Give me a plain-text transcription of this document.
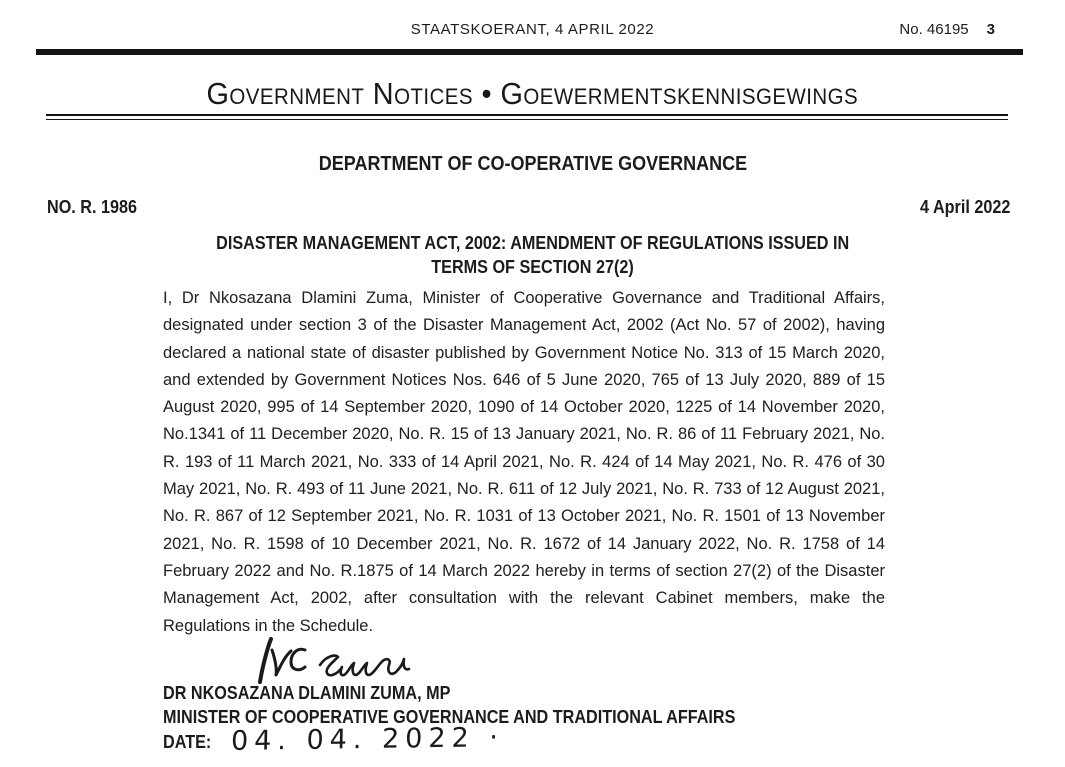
STAATSKOERANT, 4 APRIL 2022	No. 46195 3
Government Notices • Goewermentskennisgewings
DEPARTMENT OF CO-OPERATIVE GOVERNANCE
NO. R. 1986	4 April 2022
DISASTER MANAGEMENT ACT, 2002: AMENDMENT OF REGULATIONS ISSUED IN
TERMS OF SECTION 27(2)

I, Dr Nkosazana Dlamini Zuma, Minister of Cooperative Governance and Traditional Affairs, designated under section 3 of the Disaster Management Act, 2002 (Act No. 57 of 2002), having declared a national state of disaster published by Government Notice No. 313 of 15 March 2020, and extended by Government Notices Nos. 646 of 5 June 2020, 765 of 13 July 2020, 889 of 15 August 2020, 995 of 14 September 2020, 1090 of 14 October 2020, 1225 of 14 November 2020, No.1341 of 11 December 2020, No. R. 15 of 13 January 2021, No. R. 86 of 11 February 2021, No. R. 193 of 11 March 2021, No. 333 of 14 April 2021, No. R. 424 of 14 May 2021, No. R. 476 of 30 May 2021, No. R. 493 of 11 June 2021, No. R. 611 of 12 July 2021, No. R. 733 of 12 August 2021, No. R. 867 of 12 September 2021, No. R. 1031 of 13 October 2021, No. R. 1501 of 13 November 2021, No. R. 1598 of 10 December 2021, No. R. 1672 of 14 January 2022, No. R. 1758 of 14 February 2022 and No. R.1875 of 14 March 2022 hereby in terms of section 27(2) of the Disaster Management Act, 2002, after consultation with the relevant Cabinet members, make the Regulations in the Schedule.

DR NKOSAZANA DLAMINI ZUMA, MP
MINISTER OF COOPERATIVE GOVERNANCE AND TRADITIONAL AFFAIRS
DATE: 04. 04. 2022 ·
